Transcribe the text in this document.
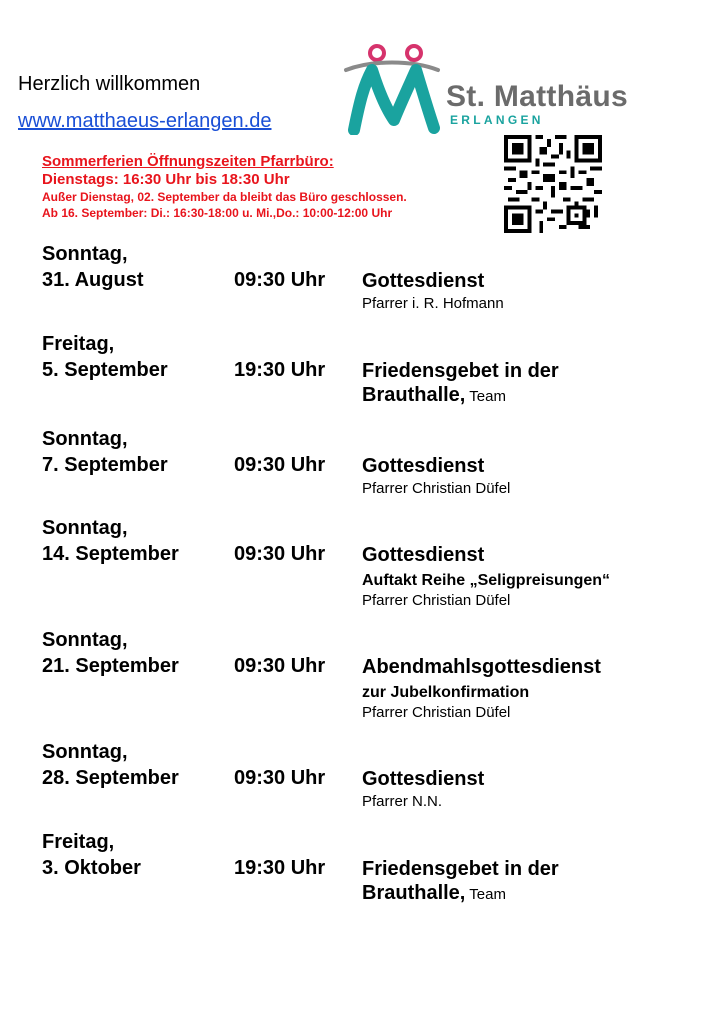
Herzlich willkommen
www.matthaeus-erlangen.de
St. Matthäus
ERLANGEN
Sommerferien Öffnungszeiten Pfarrbüro:
Dienstags: 16:30 Uhr bis 18:30 Uhr
Außer Dienstag, 02. September da bleibt das Büro geschlossen.
Ab 16. September: Di.: 16:30-18:00 u. Mi.,Do.: 10:00-12:00 Uhr
Sonntag,
31. August	09:30 Uhr Gottesdienst
Pfarrer i. R. Hofmann
Freitag,
5. September	19:30 Uhr Friedensgebet in der
Brauthalle, Team
Sonntag,
7. September	09:30 Uhr Gottesdienst
Pfarrer Christian Düfel
Sonntag,
14. September	09:30 Uhr Gottesdienst
Auftakt Reihe „Seligpreisungen“
Pfarrer Christian Düfel
Sonntag,
21. September	09:30 Uhr Abendmahlsgottesdienst
zur Jubelkonfirmation
Pfarrer Christian Düfel
Sonntag,
28. September	09:30 Uhr Gottesdienst
Pfarrer N.N.
Freitag,
3. Oktober	19:30 Uhr Friedensgebet in der
Brauthalle, Team
